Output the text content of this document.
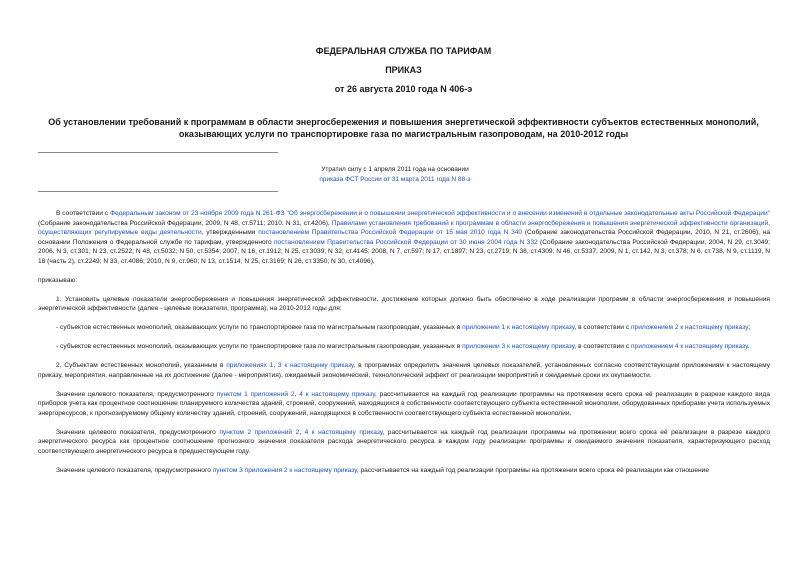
ФЕДЕРАЛЬНАЯ СЛУЖБА ПО ТАРИФАМ
ПРИКАЗ
от 26 августа 2010 года N 406-э
Об установлении требований к программам в области энергосбережения и повышения энергетической эффективности субъектов естественных монополий,
оказывающих услуги по транспортировке газа по магистральным газопроводам, на 2010-2012 годы
Утратил силу с 1 апреля 2011 года на основании
приказа ФСТ России от 31 марта 2011 года N 88-э

В соответствии с Федеральным законом от 23 ноября 2009 года N 261-ФЗ "Об энергосбережении и о повышении энергетической эффективности и о внесении изменений в отдельные законодательные акты Российской Федерации" (Собрание законодательства Российской Федерации, 2009, N 48, ст.5711; 2010, N 31, ст.4206), Правилами установления требований к программам в области энергосбережения и повышения энергетической эффективности организаций, осуществляющих регулируемые виды деятельности, утвержденными постановлением Правительства Российской Федерации от 15 мая 2010 года N 340 (Собрание законодательства Российской Федерации, 2010, N 21, ст.2606), на основании Положения о Федеральной службе по тарифам, утвержденного постановлением Правительства Российской Федерации от 30 июня 2004 года N 332 (Собрание законодательства Российской Федерации, 2004, N 29, ст.3049; 2006, N 3, ст.301; N 23, ст.2522; N 48, ст.5032; N 50, ст.5354; 2007, N 16, ст.1912; N 25, ст.3039; N 32, ст.4145; 2008, N 7, ст.597; N 17, ст.1897; N 23, ст.2719; N 38, ст.4309; N 46, ст.5337; 2009, N 1, ст.142, N 3, ст.378; N 6, ст.738, N 9, ст.1119, N 18 (часть 2), ст.2249; N 33, ст.4086; 2010, N 9, ст.960; N 13, ст.1514; N 25, ст.3169; N 26, ст.3350; N 30, ст.4096),

приказываю:

1. Установить целевые показатели энергосбережения и повышения энергетической эффективности, достижение которых должно быть обеспечено в ходе реализации программ в области энергосбережения и повышения энергетической эффективности (далее - целевые показатели, программа), на 2010-2012 годы для:

- субъектов естественных монополий, оказывающих услуги по транспортировке газа по магистральным газопроводам, указанных в приложении 1 к настоящему приказу, в соответствии с приложением 2 к настоящему приказу;

- субъектов естественных монополий, оказывающих услуги по транспортировке газа по магистральным газопроводам, указанных в приложении 3 к настоящему приказу, в соответствии с приложением 4 к настоящему приказу.

2. Субъектам естественных монополий, указанным в приложениях 1, 3 к настоящему приказу, в программах определить значения целевых показателей, установленных согласно соответствующим приложениям к настоящему приказу, мероприятия, направленные на их достижение (далее - мероприятия), ожидаемый экономический, технологический эффект от реализации мероприятий и ожидаемые сроки их окупаемости.

Значение целевого показателя, предусмотренного пунктом 1 приложений 2, 4 к настоящему приказу, рассчитывается на каждый год реализации программы на протяжении всего срока её реализации в разрезе каждого вида приборов учета как процентное соотношение планируемого количества зданий, строений, сооружений, находящихся в собственности соответствующего субъекта естественной монополии, оборудованных приборами учета используемых энергоресурсов, к прогнозируемому общему количеству зданий, строений, сооружений, находящихся в собственности соответствующего субъекта естественной монополии.

Значение целевого показателя, предусмотренного пунктом 2 приложений 2, 4 к настоящему приказу, рассчитывается на каждый год реализации программы на протяжении всего срока её реализации в разрезе каждого энергетического ресурса как процентное соотношение прогнозного значения показателя расхода энергетического ресурса в каждом году реализации программы и ожидаемого значения показателя, характеризующего расход соответствующего энергетического ресурса в предшествующем году.

Значение целевого показателя, предусмотренного пунктом 3 приложения 2 к настоящему приказу, рассчитывается на каждый год реализации программы на протяжении всего срока её реализации как отношение
